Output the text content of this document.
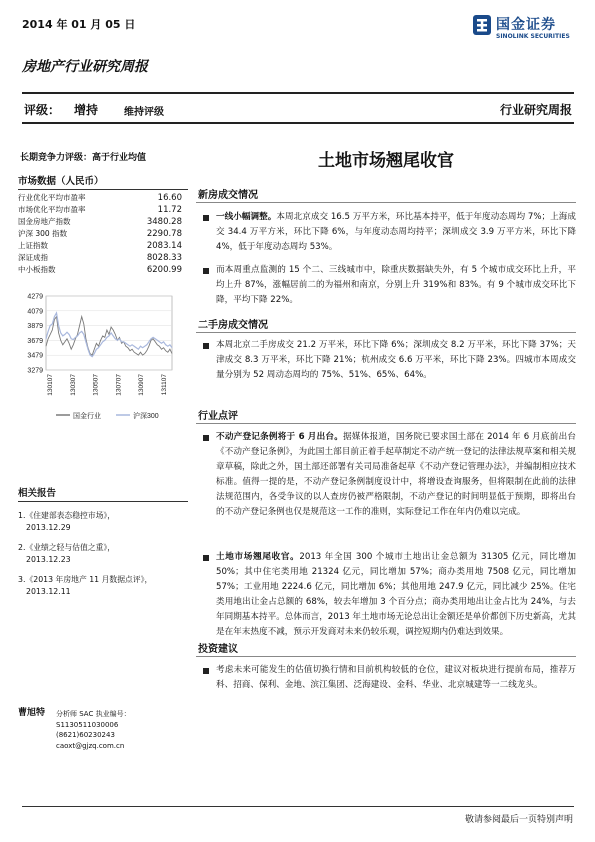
2014 年 01 月 05 日	国金证券
SINOLINK SECURITIES
房地产行业研究周报
评级： 增持	维持评级	行业研究周报
长期竞争力评级：高于行业均值
市场数据（人民币）
行业优化平均市盈率	16.60
市场优化平均市盈率	11.72
国金房地产指数	3480.28
沪深 300 指数	2290.78
上证指数	2083.14
深证成指	8028.33
中小板指数	6200.99
4279
4079
3879
3679
3479
3279
130107 130307 130507 130707 130907 131107
国金行业	沪深300
相关报告
1.《住建部表态稳控市场》，
2013.12.29
2.《业绩之轻与估值之重》，
2013.12.23
3.《2013 年房地产 11 月数据点评》，
2013.12.11
曹旭特 分析师 SAC 执业编号：S1130511030006
(8621)60230243
caoxt@gjzq.com.cn
土地市场翘尾收官
新房成交情况
一线小幅调整。本周北京成交 16.5 万平方米，环比基本持平，低于年度动态周均 7%；上海成交 34.4 万平方米，环比下降 6%，与年度动态周均持平；深圳成交 3.9 万平方米，环比下降 4%，低于年度动态周均 53%。
而本周重点监测的 15 个二、三线城市中，除重庆数据缺失外，有 5 个城市成交环比上升，平均上升 87%，涨幅居前二的为福州和南京，分别上升 319%和 83%。有 9 个城市成交环比下降，平均下降 22%。
二手房成交情况
本周北京二手房成交 21.2 万平米，环比下降 6%；深圳成交 8.2 万平米，环比下降 37%；天津成交 8.3 万平米，环比下降 21%；杭州成交 6.6 万平米，环比下降 23%。四城市本周成交量分别为 52 周动态周均的 75%、51%、65%、64%。
行业点评
不动产登记条例将于 6 月出台。据媒体报道，国务院已要求国土部在 2014 年 6 月底前出台《不动产登记条例》，为此国土部目前正着手起草制定不动产统一登记的法律法规草案和相关规章草稿，除此之外，国土部还部署有关司局准备起草《不动产登记管理办法》，并编制相应技术标准。值得一提的是，不动产登记条例制度设计中，将增设查询服务，但将限制在此前的法律法规范围内，各受争议的以人查房仍被严格限制，不动产登记的时间明显低于预期，即将出台的不动产登记条例也仅是规范这一工作的准则，实际登记工作在年内仍难以完成。
土地市场翘尾收官。2013 年全国 300 个城市土地出让金总额为 31305 亿元，同比增加 50%；其中住宅类用地 21324 亿元，同比增加 57%；商办类用地 7508 亿元，同比增加 57%；工业用地 2224.6 亿元，同比增加 6%；其他用地 247.9 亿元，同比减少 25%。住宅类用地出让金占总额的 68%，较去年增加 3 个百分点；商办类用地出让金占比为 24%，与去年同期基本持平。总体而言，2013 年土地市场无论总出让金额还是单价都创下历史新高，尤其是在年末热度不减，预示开发商对未来仍较乐观，调控短期内仍难达到效果。
投资建议
考虑未来可能发生的估值切换行情和目前机构较低的仓位，建议对板块进行提前布局，推荐万科、招商、保利、金地、滨江集团、泛海建设、金科、华业、北京城建等一二线龙头。
敬请参阅最后一页特别声明
